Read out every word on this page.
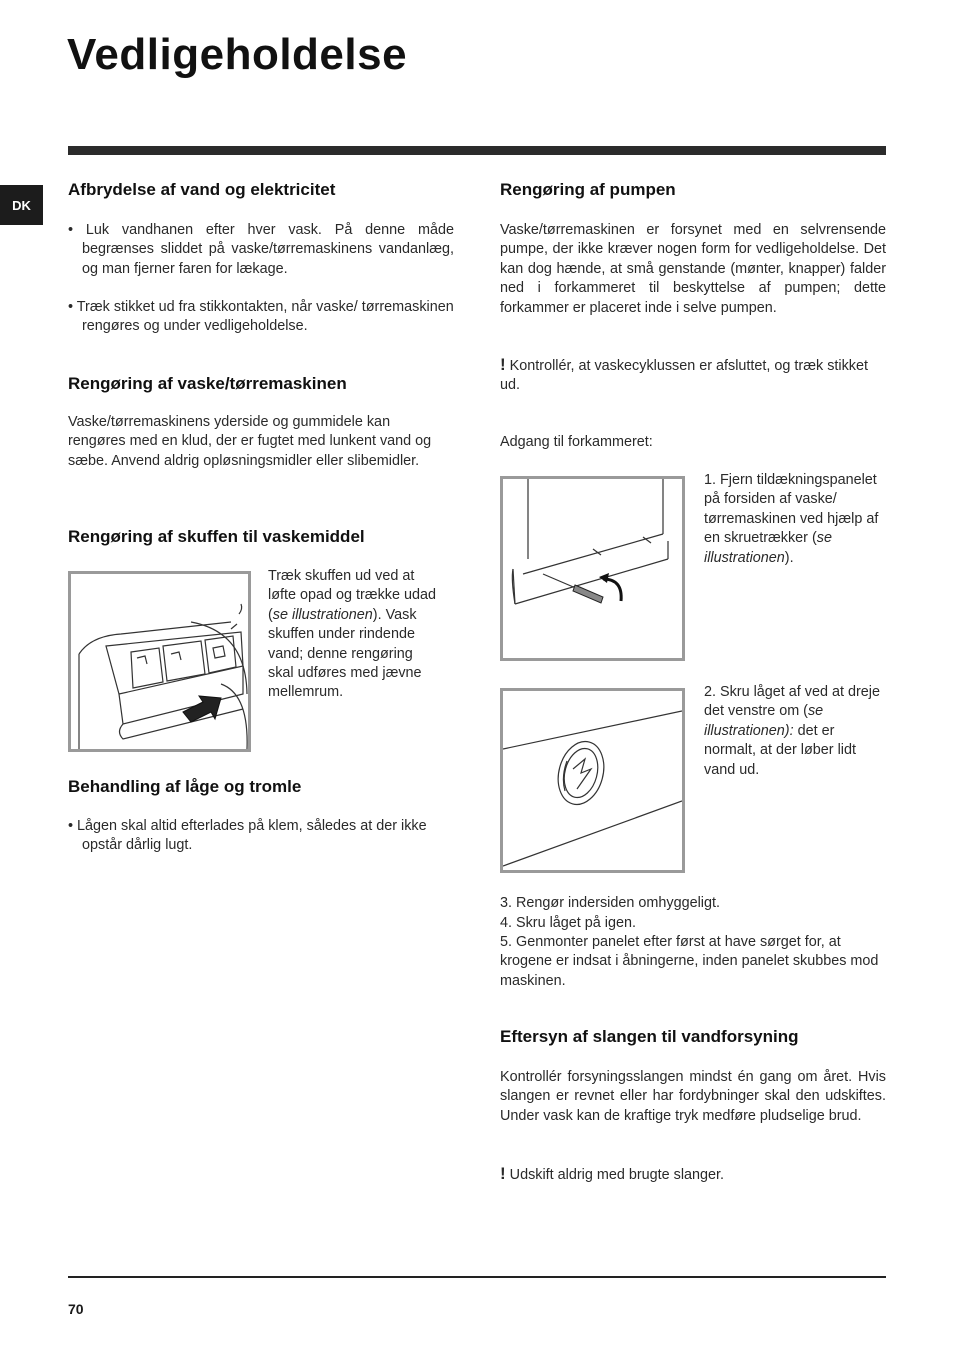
Vedligeholdelse
DK
Afbrydelse af vand og elektricitet

• Luk vandhanen efter hver vask. På denne måde begrænses sliddet på vaske/tørremaskinens vandanlæg, og man fjerner faren for lækage.

• Træk stikket ud fra stikkontakten, når vaske/ tørremaskinen rengøres og under vedligeholdelse.

Rengøring af vaske/tørremaskinen

Vaske/tørremaskinens yderside og gummidele kan rengøres med en klud, der er fugtet med lunkent vand og sæbe. Anvend aldrig opløsningsmidler eller slibemidler.

Rengøring af skuffen til vaskemiddel

Træk skuffen ud ved at løfte opad og trække udad (se illustrationen). Vask skuffen under rindende vand; denne rengøring skal udføres med jævne mellemrum.

Behandling af låge og tromle

• Lågen skal altid efterlades på klem, således at der ikke opstår dårlig lugt.

Rengøring af pumpen

Vaske/tørremaskinen er forsynet med en selvrensende pumpe, der ikke kræver nogen form for vedligeholdelse. Det kan dog hænde, at små genstande (mønter, knapper) falder ned i forkammeret til beskyttelse af pumpen; dette forkammer er placeret inde i selve pumpen.

! Kontrollér, at vaskecyklussen er afsluttet, og træk stikket ud.

Adgang til forkammeret:

1. Fjern tildækningspanelet på forsiden af vaske/ tørremaskinen ved hjælp af en skruetrækker (se illustrationen).

2. Skru låget af ved at dreje det venstre om (se illustrationen): det er normalt, at der løber lidt vand ud.

3. Rengør indersiden omhyggeligt.

4. Skru låget på igen.

5. Genmonter panelet efter først at have sørget for, at krogene er indsat i åbningerne, inden panelet skubbes mod maskinen.

Eftersyn af slangen til vandforsyning

Kontrollér forsyningsslangen mindst én gang om året. Hvis slangen er revnet eller har fordybninger skal den udskiftes. Under vask kan de kraftige tryk medføre pludselige brud.

! Udskift aldrig med brugte slanger.

70
